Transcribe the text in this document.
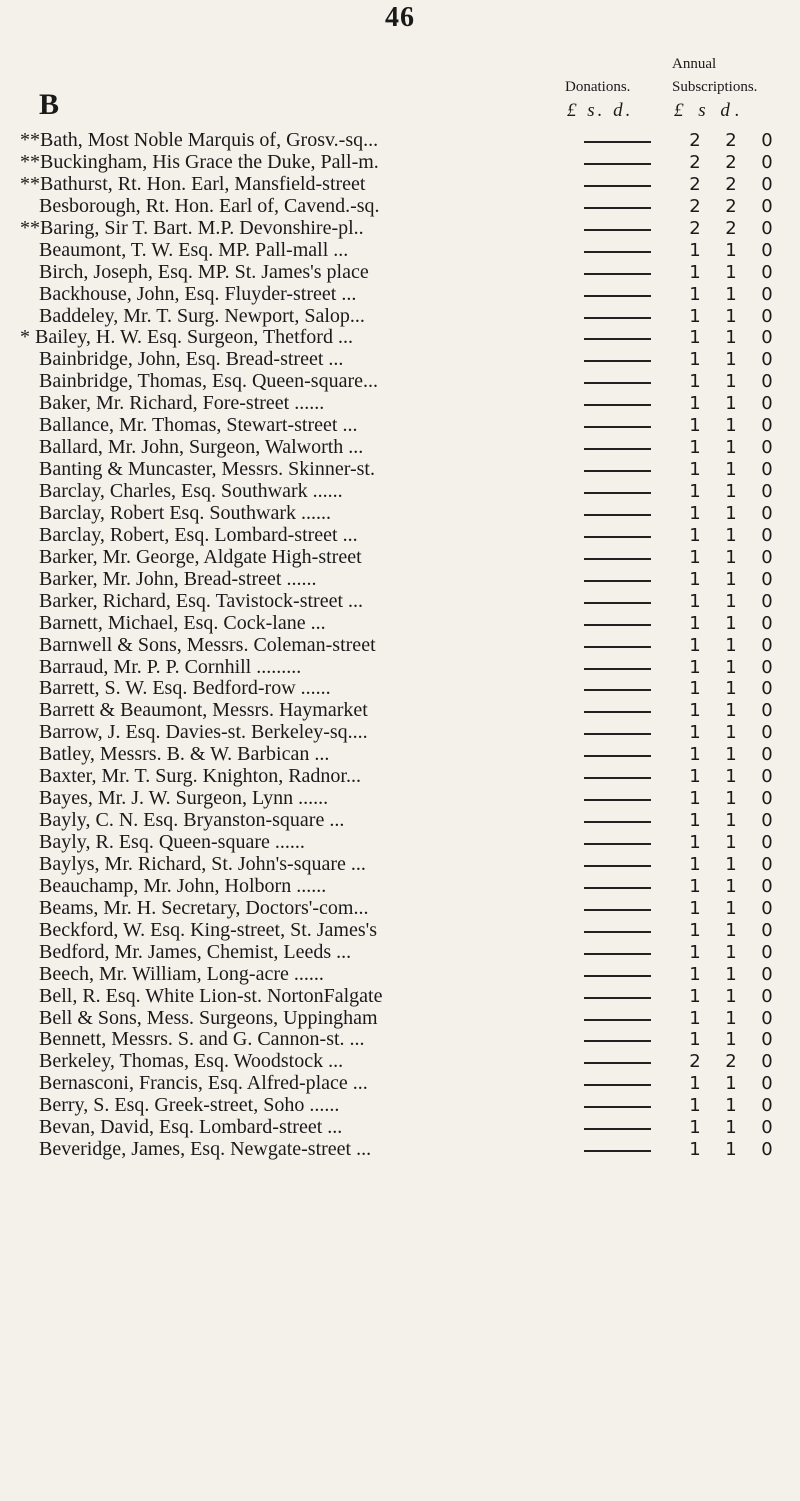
46
B
Annual
Donations.	Subscriptions.
£ s. d. £ s d.
**Bath, Most Noble Marquis of, Grosv.-sq...	2 2 0
**Buckingham, His Grace the Duke, Pall-m.	2 2 0
**Bathurst, Rt. Hon. Earl, Mansfield-street	2 2 0
Besborough, Rt. Hon. Earl of, Cavend.-sq.	2 2 0
**Baring, Sir T. Bart. M.P. Devonshire-pl..	2 2 0
Beaumont, T. W. Esq. MP. Pall-mall ...	1 1 0
Birch, Joseph, Esq. MP. St. James's place	1 1 0
Backhouse, John, Esq. Fluyder-street ...	1 1 0
Baddeley, Mr. T. Surg. Newport, Salop...	1 1 0
* Bailey, H. W. Esq. Surgeon, Thetford ...	1 1 0
Bainbridge, John, Esq. Bread-street ...	1 1 0
Bainbridge, Thomas, Esq. Queen-square...	1 1 0
Baker, Mr. Richard, Fore-street ......	1 1 0
Ballance, Mr. Thomas, Stewart-street ...	1 1 0
Ballard, Mr. John, Surgeon, Walworth ...	1 1 0
Banting & Muncaster, Messrs. Skinner-st.	1 1 0
Barclay, Charles, Esq. Southwark ......	1 1 0
Barclay, Robert Esq. Southwark ......	1 1 0
Barclay, Robert, Esq. Lombard-street ...	1 1 0
Barker, Mr. George, Aldgate High-street	1 1 0
Barker, Mr. John, Bread-street ......	1 1 0
Barker, Richard, Esq. Tavistock-street ...	1 1 0
Barnett, Michael, Esq. Cock-lane ...	1 1 0
Barnwell & Sons, Messrs. Coleman-street	1 1 0
Barraud, Mr. P. P. Cornhill .........	1 1 0
Barrett, S. W. Esq. Bedford-row ......	1 1 0
Barrett & Beaumont, Messrs. Haymarket	1 1 0
Barrow, J. Esq. Davies-st. Berkeley-sq....	1 1 0
Batley, Messrs. B. & W. Barbican ...	1 1 0
Baxter, Mr. T. Surg. Knighton, Radnor...	1 1 0
Bayes, Mr. J. W. Surgeon, Lynn ......	1 1 0
Bayly, C. N. Esq. Bryanston-square ...	1 1 0
Bayly, R. Esq. Queen-square ......	1 1 0
Baylys, Mr. Richard, St. John's-square ...	1 1 0
Beauchamp, Mr. John, Holborn ......	1 1 0
Beams, Mr. H. Secretary, Doctors'-com...	1 1 0
Beckford, W. Esq. King-street, St. James's	1 1 0
Bedford, Mr. James, Chemist, Leeds ...	1 1 0
Beech, Mr. William, Long-acre ......	1 1 0
Bell, R. Esq. White Lion-st. NortonFalgate	1 1 0
Bell & Sons, Mess. Surgeons, Uppingham	1 1 0
Bennett, Messrs. S. and G. Cannon-st. ...	1 1 0
Berkeley, Thomas, Esq. Woodstock ...	2 2 0
Bernasconi, Francis, Esq. Alfred-place ...	1 1 0
Berry, S. Esq. Greek-street, Soho ......	1 1 0
Bevan, David, Esq. Lombard-street ...	1 1 0
Beveridge, James, Esq. Newgate-street ...	1 1 0
